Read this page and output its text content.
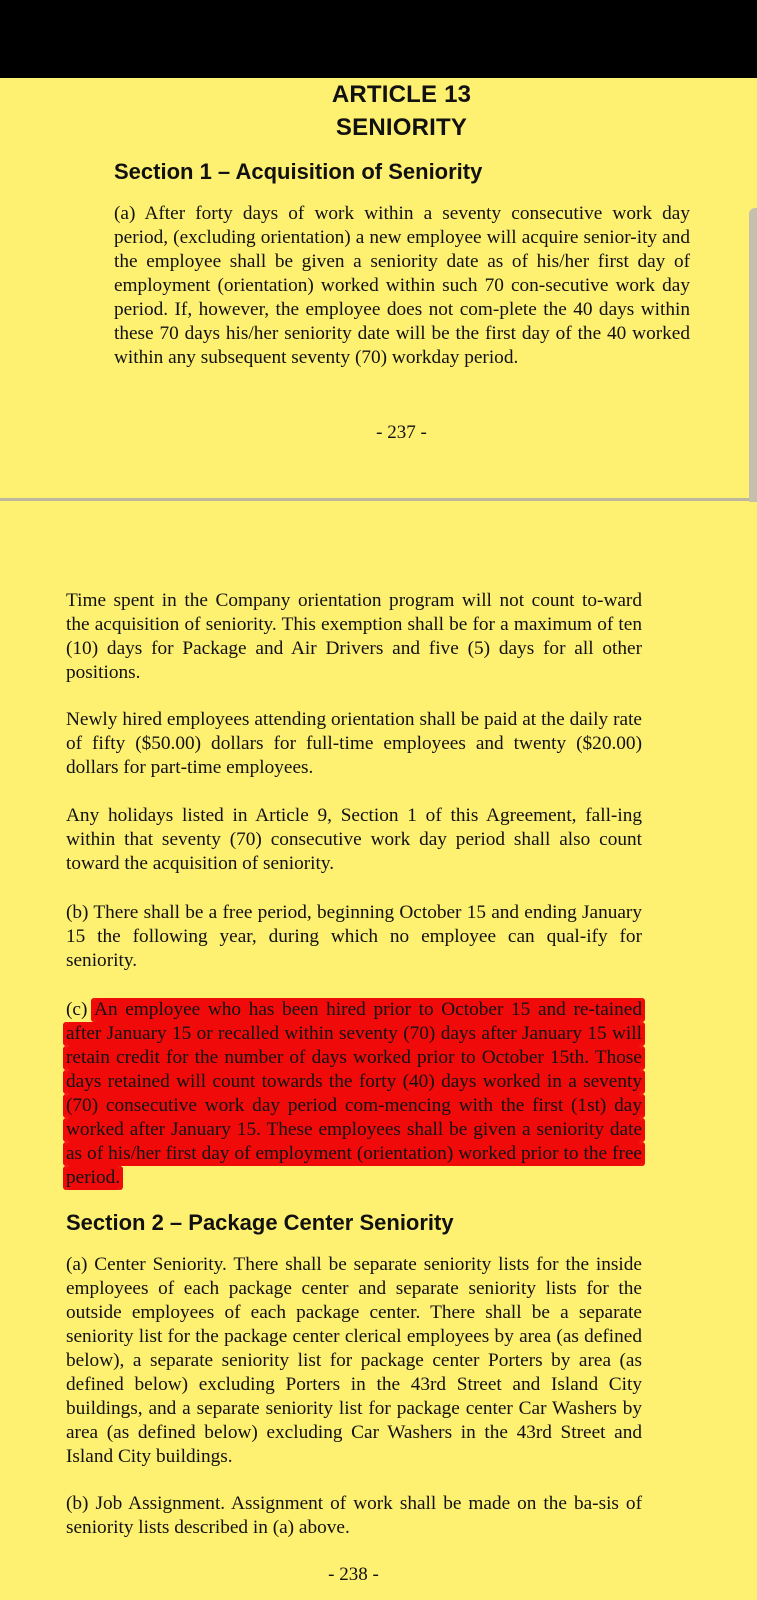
ARTICLE 13
SENIORITY
Section 1 – Acquisition of Seniority

(a) After forty days of work within a seventy consecutive work day period, (excluding orientation) a new employee will acquire senior-ity and the employee shall be given a seniority date as of his/her first day of employment (orientation) worked within such 70 con-secutive work day period. If, however, the employee does not com-plete the 40 days within these 70 days his/her seniority date will be the first day of the 40 worked within any subsequent seventy (70) workday period.

- 237 -

Time spent in the Company orientation program will not count to-ward the acquisition of seniority. This exemption shall be for a maximum of ten (10) days for Package and Air Drivers and five (5) days for all other positions.

Newly hired employees attending orientation shall be paid at the daily rate of fifty ($50.00) dollars for full-time employees and twenty ($20.00) dollars for part-time employees.

Any holidays listed in Article 9, Section 1 of this Agreement, fall-ing within that seventy (70) consecutive work day period shall also count toward the acquisition of seniority.

(b) There shall be a free period, beginning October 15 and ending January 15 the following year, during which no employee can qual-ify for seniority.

(c) An employee who has been hired prior to October 15 and re-tained after January 15 or recalled within seventy (70) days after January 15 will retain credit for the number of days worked prior to October 15th. Those days retained will count towards the forty (40) days worked in a seventy (70) consecutive work day period com-mencing with the first (1st) day worked after January 15. These employees shall be given a seniority date as of his/her first day of employment (orientation) worked prior to the free period.

Section 2 – Package Center Seniority

(a) Center Seniority. There shall be separate seniority lists for the inside employees of each package center and separate seniority lists for the outside employees of each package center. There shall be a separate seniority list for the package center clerical employees by area (as defined below), a separate seniority list for package center Porters by area (as defined below) excluding Porters in the 43rd Street and Island City buildings, and a separate seniority list for package center Car Washers by area (as defined below) excluding Car Washers in the 43rd Street and Island City buildings.

(b) Job Assignment. Assignment of work shall be made on the ba-sis of seniority lists described in (a) above.

- 238 -
